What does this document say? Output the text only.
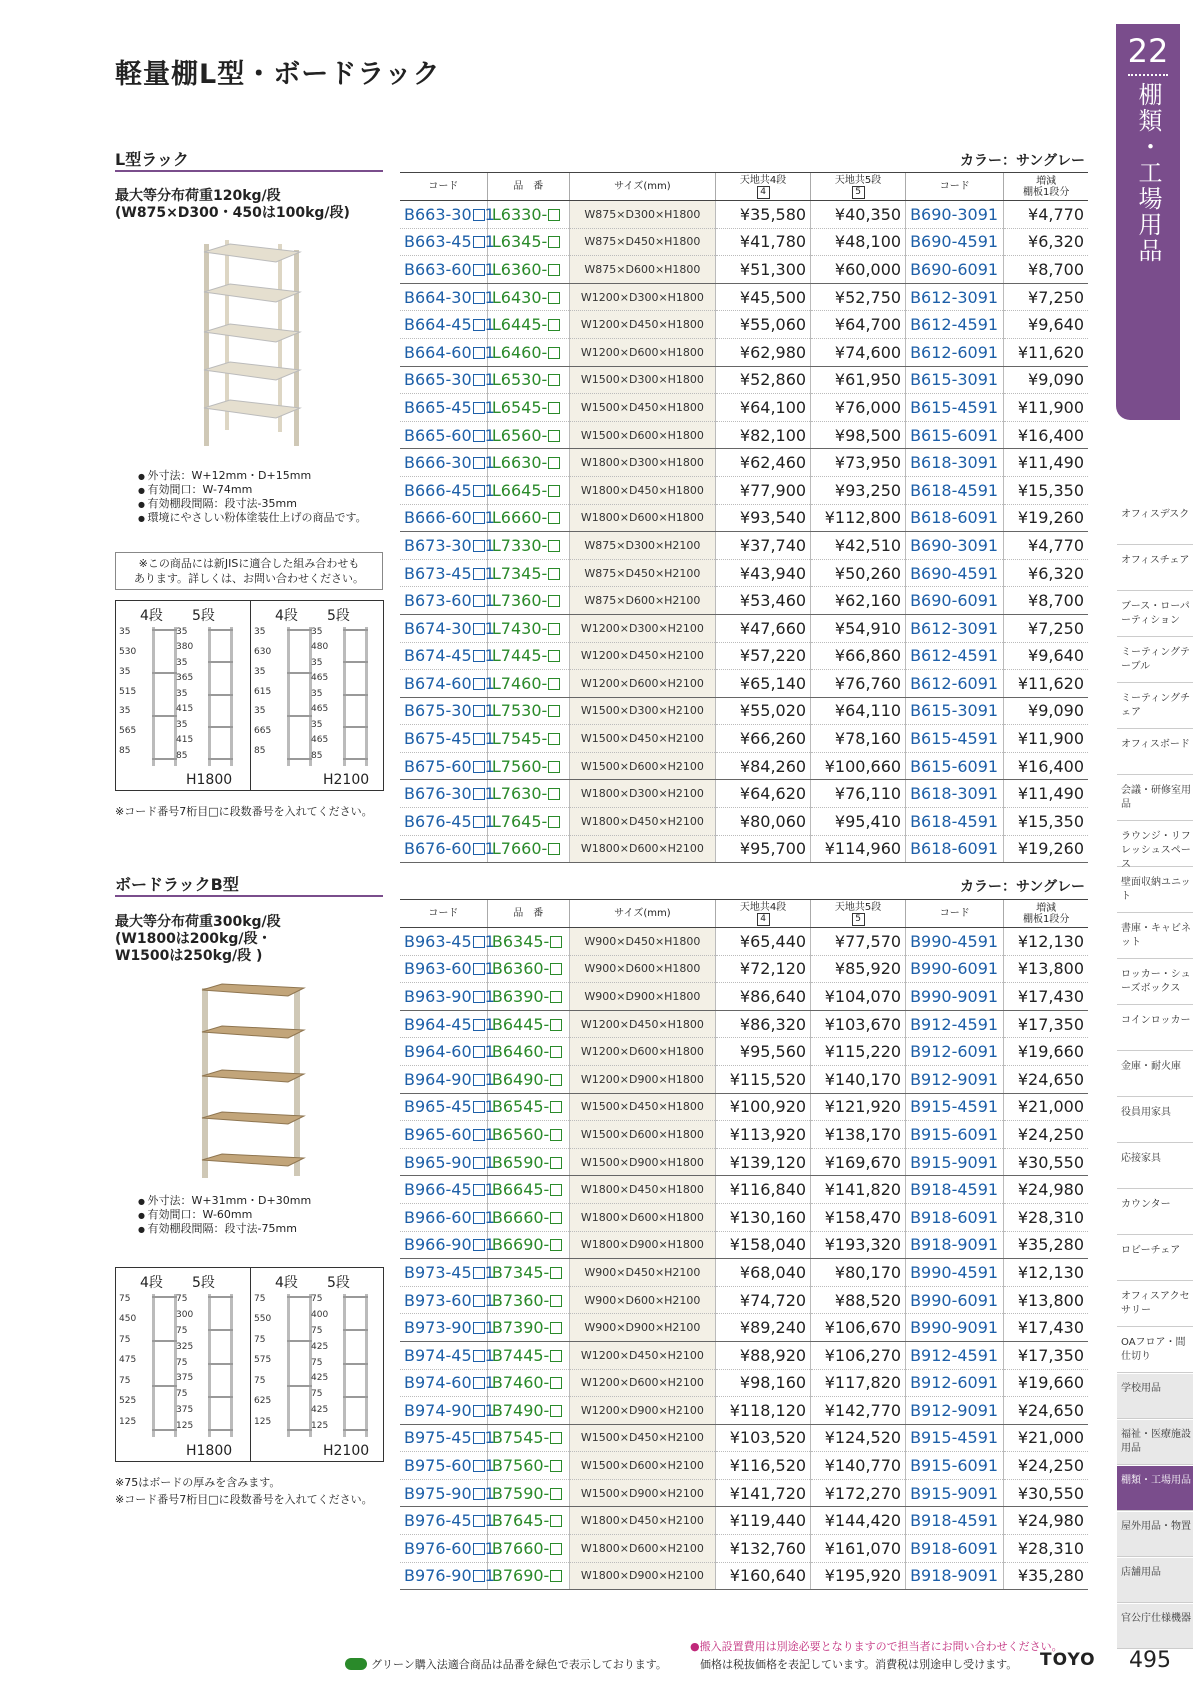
軽量棚L型・ボードラック
L型ラック	カラー：サングレー
最大等分布荷重120kg/段
(W875×D300・450は100kg/段)
● 外寸法：W+12mm・D+15mm
● 有効間口：W-74mm
● 有効棚段間隔：段寸法-35mm
● 環境にやさしい粉体塗装仕上げの商品です。
※この商品には新JISに適合した組み合わせも
あります。詳しくは、お問い合わせください。
4段 5段
H1800
35
530
35
515
35
565
85
35
380
35
365
35
415
35
415
85
4段 5段
H2100
35
630
35
615
35
665
85
35
480
35
465
35
465
35
465
85
※コード番号7桁目□に段数番号を入れてください。
コード	品　番	サイズ(mm)	天地共4段
4	天地共5段
5	コード	増減
棚板1段分
B663-30 1	L6330-	W875×D300×H1800	¥35,580	¥40,350	B690-3091	¥4,770
B663-45 1	L6345-	W875×D450×H1800	¥41,780	¥48,100	B690-4591	¥6,320
B663-60 1	L6360-	W875×D600×H1800	¥51,300	¥60,000	B690-6091	¥8,700
B664-30 1	L6430-	W1200×D300×H1800	¥45,500	¥52,750	B612-3091	¥7,250
B664-45 1	L6445-	W1200×D450×H1800	¥55,060	¥64,700	B612-4591	¥9,640
B664-60 1	L6460-	W1200×D600×H1800	¥62,980	¥74,600	B612-6091	¥11,620
B665-30 1	L6530-	W1500×D300×H1800	¥52,860	¥61,950	B615-3091	¥9,090
B665-45 1	L6545-	W1500×D450×H1800	¥64,100	¥76,000	B615-4591	¥11,900
B665-60 1	L6560-	W1500×D600×H1800	¥82,100	¥98,500	B615-6091	¥16,400
B666-30 1	L6630-	W1800×D300×H1800	¥62,460	¥73,950	B618-3091	¥11,490
B666-45 1	L6645-	W1800×D450×H1800	¥77,900	¥93,250	B618-4591	¥15,350
B666-60 1	L6660-	W1800×D600×H1800	¥93,540	¥112,800	B618-6091	¥19,260
B673-30 1	L7330-	W875×D300×H2100	¥37,740	¥42,510	B690-3091	¥4,770
B673-45 1	L7345-	W875×D450×H2100	¥43,940	¥50,260	B690-4591	¥6,320
B673-60 1	L7360-	W875×D600×H2100	¥53,460	¥62,160	B690-6091	¥8,700
B674-30 1	L7430-	W1200×D300×H2100	¥47,660	¥54,910	B612-3091	¥7,250
B674-45 1	L7445-	W1200×D450×H2100	¥57,220	¥66,860	B612-4591	¥9,640
B674-60 1	L7460-	W1200×D600×H2100	¥65,140	¥76,760	B612-6091	¥11,620
B675-30 1	L7530-	W1500×D300×H2100	¥55,020	¥64,110	B615-3091	¥9,090
B675-45 1	L7545-	W1500×D450×H2100	¥66,260	¥78,160	B615-4591	¥11,900
B675-60 1	L7560-	W1500×D600×H2100	¥84,260	¥100,660	B615-6091	¥16,400
B676-30 1	L7630-	W1800×D300×H2100	¥64,620	¥76,110	B618-3091	¥11,490
B676-45 1	L7645-	W1800×D450×H2100	¥80,060	¥95,410	B618-4591	¥15,350
B676-60 1	L7660-	W1800×D600×H2100	¥95,700	¥114,960	B618-6091	¥19,260
ボードラックB型	カラー：サングレー
最大等分布荷重300kg/段
(W1800は200kg/段・
W1500は250kg/段 )
● 外寸法：W+31mm・D+30mm
● 有効間口：W-60mm
● 有効棚段間隔：段寸法-75mm
4段 5段
H1800
75
450
75
475
75
525
125
75
300
75
325
75
375
75
375
125
4段 5段
H2100
75
550
75
575
75
625
125
75
400
75
425
75
425
75
425
125
※75はボードの厚みを含みます。
※コード番号7桁目□に段数番号を入れてください。
コード	品　番	サイズ(mm)	天地共4段
4	天地共5段
5	コード	増減
棚板1段分
B963-45 1	B6345-	W900×D450×H1800	¥65,440	¥77,570	B990-4591	¥12,130
B963-60 1	B6360-	W900×D600×H1800	¥72,120	¥85,920	B990-6091	¥13,800
B963-90 1	B6390-	W900×D900×H1800	¥86,640	¥104,070	B990-9091	¥17,430
B964-45 1	B6445-	W1200×D450×H1800	¥86,320	¥103,670	B912-4591	¥17,350
B964-60 1	B6460-	W1200×D600×H1800	¥95,560	¥115,220	B912-6091	¥19,660
B964-90 1	B6490-	W1200×D900×H1800	¥115,520	¥140,170	B912-9091	¥24,650
B965-45 1	B6545-	W1500×D450×H1800	¥100,920	¥121,920	B915-4591	¥21,000
B965-60 1	B6560-	W1500×D600×H1800	¥113,920	¥138,170	B915-6091	¥24,250
B965-90 1	B6590-	W1500×D900×H1800	¥139,120	¥169,670	B915-9091	¥30,550
B966-45 1	B6645-	W1800×D450×H1800	¥116,840	¥141,820	B918-4591	¥24,980
B966-60 1	B6660-	W1800×D600×H1800	¥130,160	¥158,470	B918-6091	¥28,310
B966-90 1	B6690-	W1800×D900×H1800	¥158,040	¥193,320	B918-9091	¥35,280
B973-45 1	B7345-	W900×D450×H2100	¥68,040	¥80,170	B990-4591	¥12,130
B973-60 1	B7360-	W900×D600×H2100	¥74,720	¥88,520	B990-6091	¥13,800
B973-90 1	B7390-	W900×D900×H2100	¥89,240	¥106,670	B990-9091	¥17,430
B974-45 1	B7445-	W1200×D450×H2100	¥88,920	¥106,270	B912-4591	¥17,350
B974-60 1	B7460-	W1200×D600×H2100	¥98,160	¥117,820	B912-6091	¥19,660
B974-90 1	B7490-	W1200×D900×H2100	¥118,120	¥142,770	B912-9091	¥24,650
B975-45 1	B7545-	W1500×D450×H2100	¥103,520	¥124,520	B915-4591	¥21,000
B975-60 1	B7560-	W1500×D600×H2100	¥116,520	¥140,770	B915-6091	¥24,250
B975-90 1	B7590-	W1500×D900×H2100	¥141,720	¥172,270	B915-9091	¥30,550
B976-45 1	B7645-	W1800×D450×H2100	¥119,440	¥144,420	B918-4591	¥24,980
B976-60 1	B7660-	W1800×D600×H2100	¥132,760	¥161,070	B918-6091	¥28,310
B976-90 1	B7690-	W1800×D900×H2100	¥160,640	¥195,920	B918-9091	¥35,280
22
棚類・工場用品
オフィスデスク
オフィスチェア
ブース・ローパーティション
ミーティングテーブル
ミーティングチェア
オフィスボード
会議・研修室用品
ラウンジ・リフレッシュスペース
壁面収納ユニット
書庫・キャビネット
ロッカー・シューズボックス
コインロッカー
金庫・耐火庫
役員用家具
応接家具
カウンター
ロビーチェア
オフィスアクセサリー
OAフロア・間仕切り
学校用品
福祉・医療施設用品
棚類・工場用品
屋外用品・物置
店舗用品
官公庁仕様機器
グリーン購入法適合商品は品番を緑色で表示しております。
●搬入設置費用は別途必要となりますので担当者にお問い合わせください。
価格は税抜価格を表記しています。消費税は別途申し受けます。 TOYO 495
